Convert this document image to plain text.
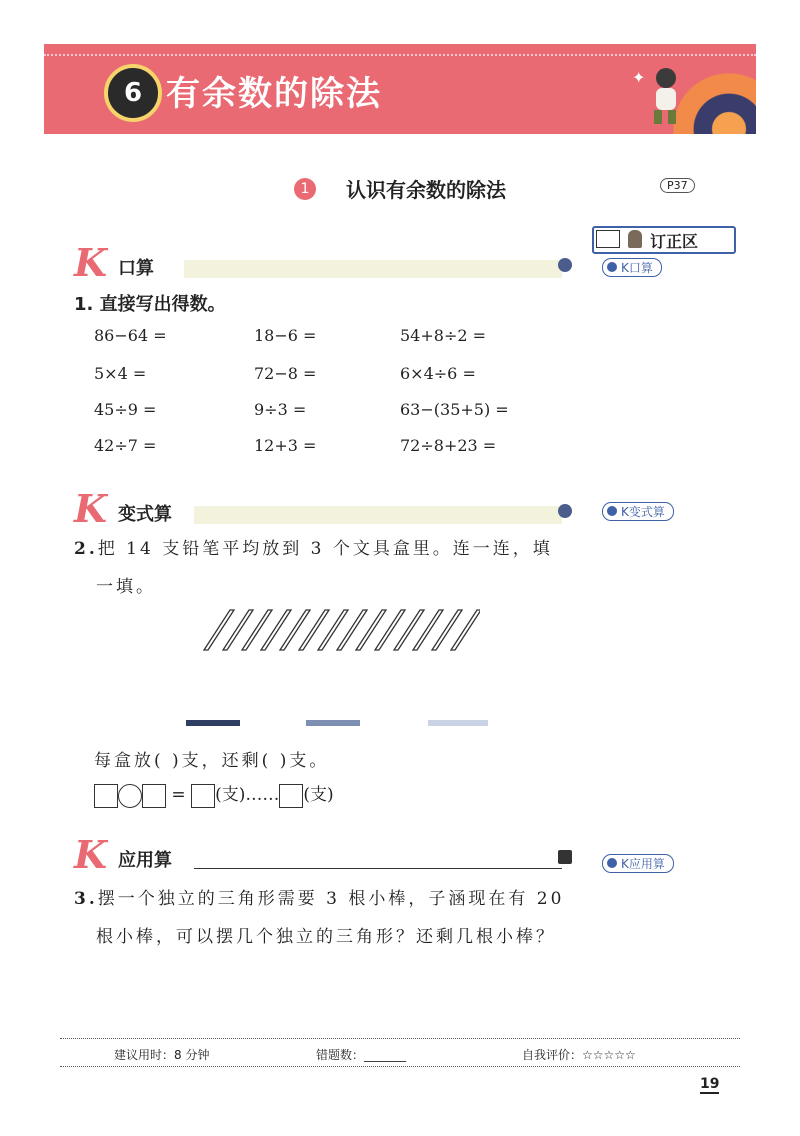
6 有余数的除法	✦
1 认识有余数的除法	P37
订正区
K 口算	K口算
1. 直接写出得数。
86−64 =	18−6 =	54+8÷2 =
5×4 =	72−8 =	6×4÷6 =
45÷9 =	9÷3 =	63−(35+5) =
42÷7 =	12+3 =	72÷8+23 =
K 变式算	K变式算
2.把 14 支铅笔平均放到 3 个文具盒里。连一连，填
一填。
每盒放( )支，还剩( )支。
= (支)…… (支)
K 应用算	K应用算
3.摆一个独立的三角形需要 3 根小棒，子涵现在有 20
根小棒，可以摆几个独立的三角形？还剩几根小棒？
建议用时：8 分钟	错题数：_______	自我评价：☆☆☆☆☆
19
